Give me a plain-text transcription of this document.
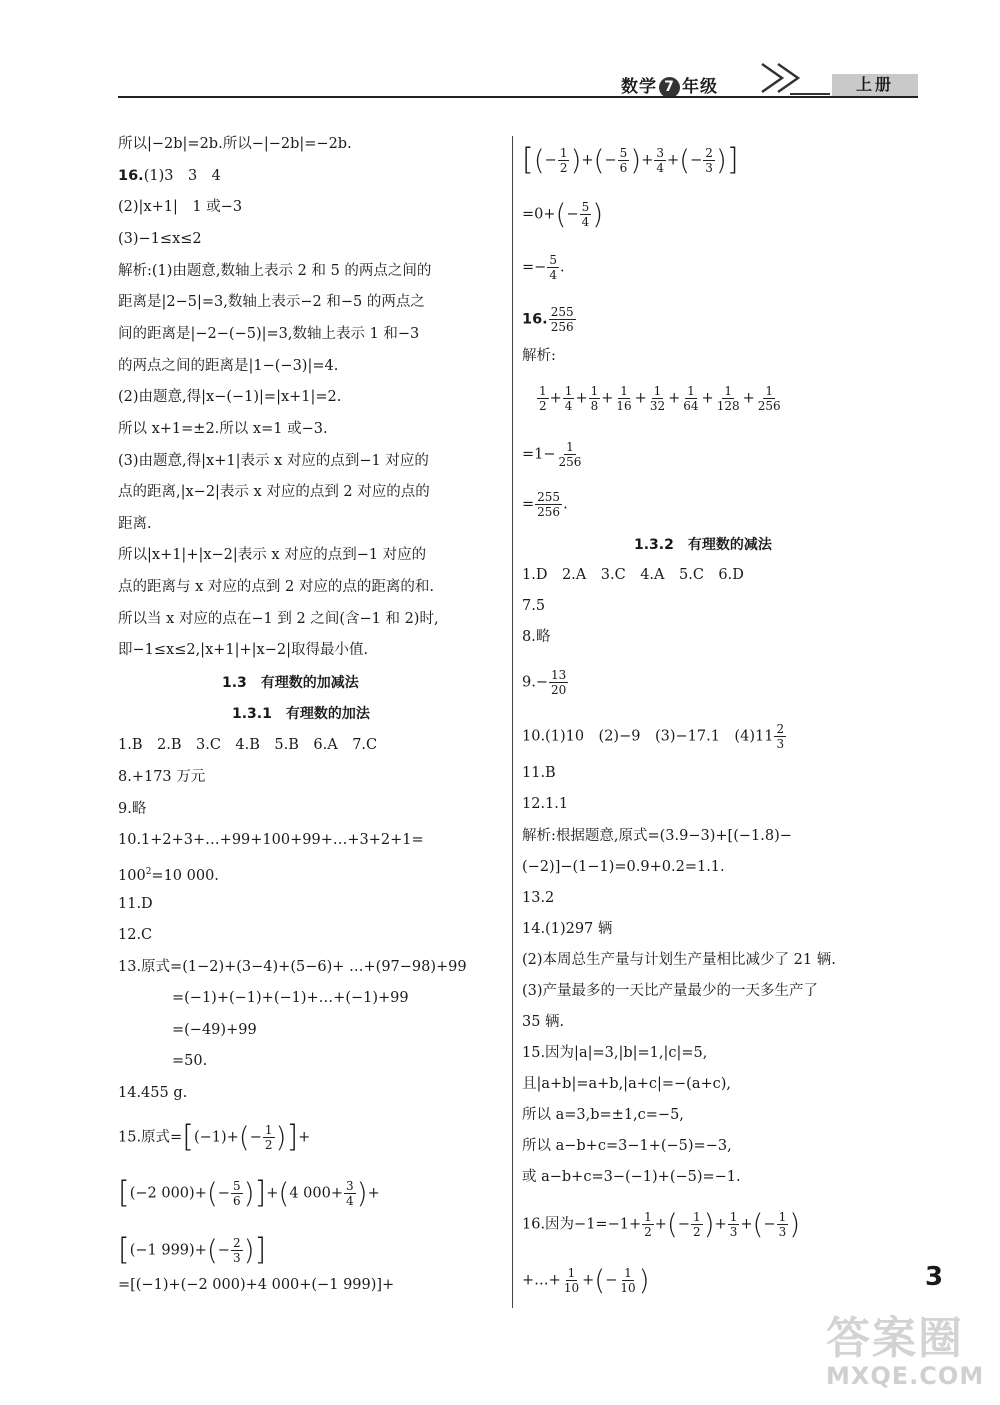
数学 7 年级	上册
所以|−2b|=2b.所以−|−2b|=−2b.
16.(1)3　3　4
(2)|x+1|　1 或−3
(3)−1≤x≤2
解析:(1)由题意,数轴上表示 2 和 5 的两点之间的
距离是|2−5|=3,数轴上表示−2 和−5 的两点之
间的距离是|−2−(−5)|=3,数轴上表示 1 和−3
的两点之间的距离是|1−(−3)|=4.
(2)由题意,得|x−(−1)|=|x+1|=2.
所以 x+1=±2.所以 x=1 或−3.
(3)由题意,得|x+1|表示 x 对应的点到−1 对应的
点的距离,|x−2|表示 x 对应的点到 2 对应的点的
距离.
所以|x+1|+|x−2|表示 x 对应的点到−1 对应的
点的距离与 x 对应的点到 2 对应的点的距离的和.
所以当 x 对应的点在−1 到 2 之间(含−1 和 2)时,
即−1≤x≤2,|x+1|+|x−2|取得最小值.
1.3　有理数的加减法
1.3.1　有理数的加法
1.B　2.B　3.C　4.B　5.B　6.A　7.C
8.+173 万元
9.略
10.1+2+3+…+99+100+99+…+3+2+1=
$100^2=10$ 000.
11.D
12.C
13.原式=(1−2)+(3−4)+(5−6)+ …+(97−98)+99
=(−1)+(−1)+(−1)+…+(−1)+99
=(−49)+99
=50.
14.455 g.
15.原式$=[(-1)+(- \frac{1}{2}$ )]+
[(−2 $000)+(- \frac{5}{6} )]+(4$ $000+ \frac{3}{4}$ )+
[(−1 $999)+(- \frac{2}{3}$ )]
=[(−1)+(−2 000)+4 000+(−1 999)]+
[(− $\frac{1}{2}$ )+(− $\frac{5}{6}$ )+ $\frac{3}{4}$ +(− $\frac{2}{3}$ )]
$=0+(- \frac{5}{4}$ )
=− $\frac{5}{4}$ .
16. $\frac{255}{256}$
解析:
$\frac{1}{2} + \frac{1}{4} + \frac{1}{8} + \frac{1}{16} + \frac{1}{32} + \frac{1}{64} + \frac{1}{128} + \frac{1}{256}$
$=1- \frac{1}{256}$
= $\frac{255}{256}$ .
1.3.2　有理数的减法
1.D　2.A　3.C　4.A　5.C　6.D
7.5
8.略
$9.- \frac{13}{20}$
10.(1)10　(2)−9　(3)−17.1　$(4)11 \frac{2}{3}$
11.B
12.1.1
解析:根据题意,原式=(3.9−3)+[(−1.8)−
(−2)]−(1−1)=0.9+0.2=1.1.
13.2
14.(1)297 辆
(2)本周总生产量与计划生产量相比减少了 21 辆.
(3)产量最多的一天比产量最少的一天多生产了
35 辆.
15.因为|a|=3,|b|=1,|c|=5,
且|a+b|=a+b,|a+c|=−(a+c),
所以 a=3,b=±1,c=−5,
所以 a−b+c=3−1+(−5)=−3,
或 a−b+c=3−(−1)+(−5)=−1.
16.因为$-1=-1+ \frac{1}{2}$ +(− $\frac{1}{2}$ )+ $\frac{1}{3}$ +(− $\frac{1}{3}$ )
+…+ $\frac{1}{10}$ +(− $\frac{1}{10}$ )	3
答案圈
MXQE.COM
